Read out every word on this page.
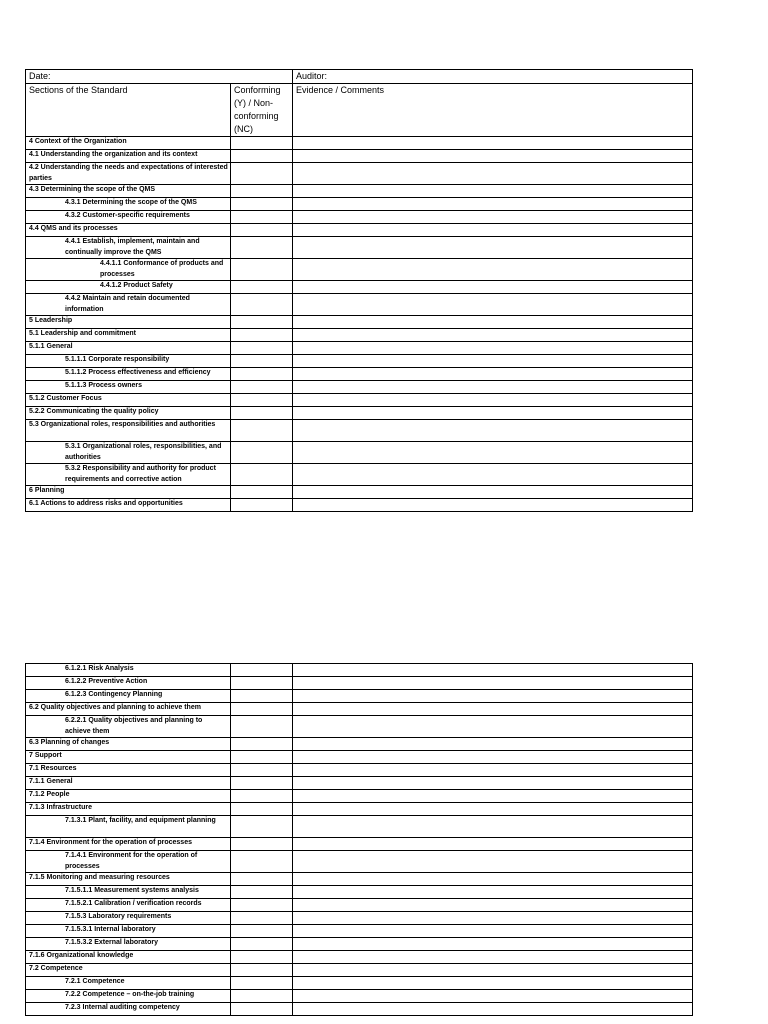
Date:		Auditor:
Sections of the Standard	Conforming (Y) / Non-conforming (NC)	Evidence / Comments
4 Context of the Organization		
4.1 Understanding the organization and its context		
4.2 Understanding the needs and expectations of interested parties		
4.3 Determining the scope of the QMS		
4.3.1 Determining the scope of the QMS		
4.3.2 Customer-specific requirements		
4.4 QMS and its processes		
4.4.1 Establish, implement, maintain and continually improve the QMS		
4.4.1.1 Conformance of products and processes		
4.4.1.2 Product Safety		
4.4.2 Maintain and retain documented information		
5 Leadership		
5.1 Leadership and commitment		
5.1.1 General		
5.1.1.1 Corporate responsibility		
5.1.1.2 Process effectiveness and efficiency		
5.1.1.3 Process owners		
5.1.2 Customer Focus		
5.2.2 Communicating the quality policy		
5.3 Organizational roles, responsibilities and authorities		
5.3.1 Organizational roles, responsibilities, and authorities		
5.3.2 Responsibility and authority for product requirements and corrective action		
6 Planning		
6.1 Actions to address risks and opportunities		
6.1.2.1 Risk Analysis		
6.1.2.2 Preventive Action		
6.1.2.3 Contingency Planning		
6.2 Quality objectives and planning to achieve them		
6.2.2.1 Quality objectives and planning to achieve them		
6.3 Planning of changes		
7 Support		
7.1 Resources		
7.1.1 General		
7.1.2 People		
7.1.3 Infrastructure		
7.1.3.1 Plant, facility, and equipment planning		
7.1.4 Environment for the operation of processes		
7.1.4.1 Environment for the operation of processes		
7.1.5 Monitoring and measuring resources		
7.1.5.1.1 Measurement systems analysis		
7.1.5.2.1 Calibration / verification records		
7.1.5.3 Laboratory requirements		
7.1.5.3.1 Internal laboratory		
7.1.5.3.2 External laboratory		
7.1.6 Organizational knowledge		
7.2 Competence		
7.2.1 Competence		
7.2.2 Competence – on-the-job training		
7.2.3 Internal auditing competency		
